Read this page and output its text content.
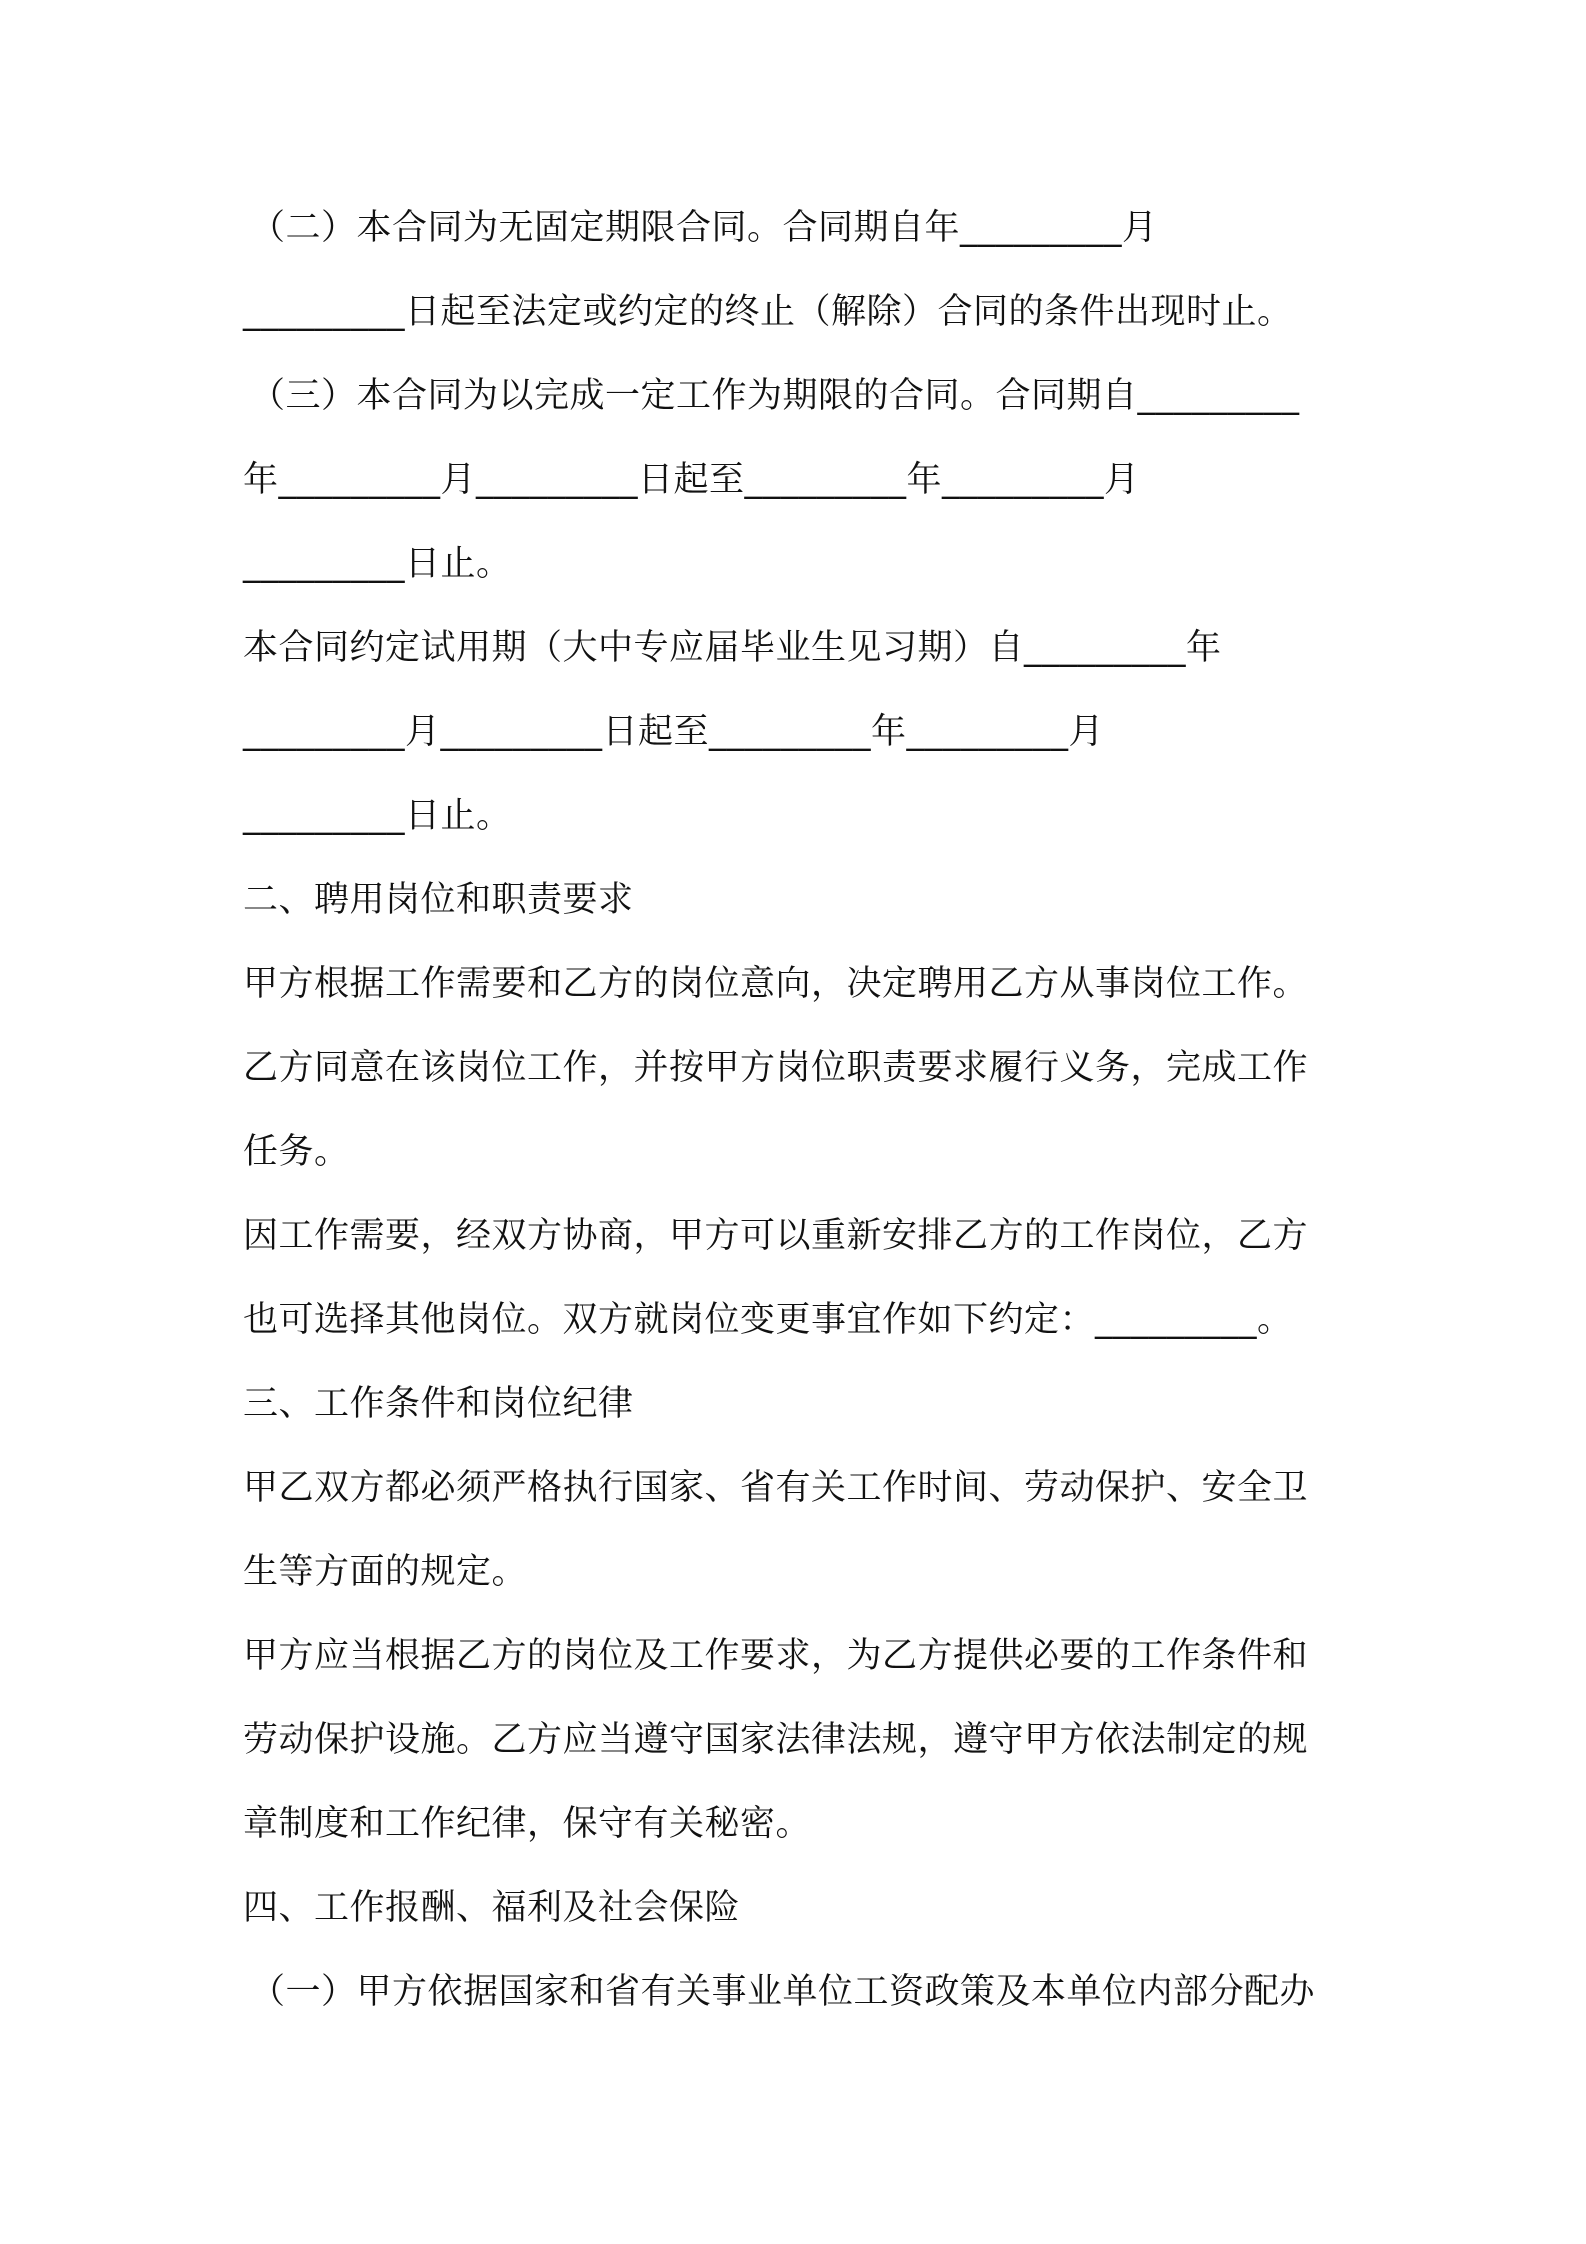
（二）本合同为无固定期限合同。合同期自年_________月
_________日起至法定或约定的终止（解除）合同的条件出现时止。
（三）本合同为以完成一定工作为期限的合同。合同期自_________
年_________月_________日起至_________年_________月
_________日止。
本合同约定试用期（大中专应届毕业生见习期）自_________年
_________月_________日起至_________年_________月
_________日止。
二、聘用岗位和职责要求
甲方根据工作需要和乙方的岗位意向，决定聘用乙方从事岗位工作。
乙方同意在该岗位工作，并按甲方岗位职责要求履行义务，完成工作
任务。
因工作需要，经双方协商，甲方可以重新安排乙方的工作岗位，乙方
也可选择其他岗位。双方就岗位变更事宜作如下约定：_________。
三、工作条件和岗位纪律
甲乙双方都必须严格执行国家、省有关工作时间、劳动保护、安全卫
生等方面的规定。
甲方应当根据乙方的岗位及工作要求，为乙方提供必要的工作条件和
劳动保护设施。乙方应当遵守国家法律法规，遵守甲方依法制定的规
章制度和工作纪律，保守有关秘密。
四、工作报酬、福利及社会保险
（一）甲方依据国家和省有关事业单位工资政策及本单位内部分配办
